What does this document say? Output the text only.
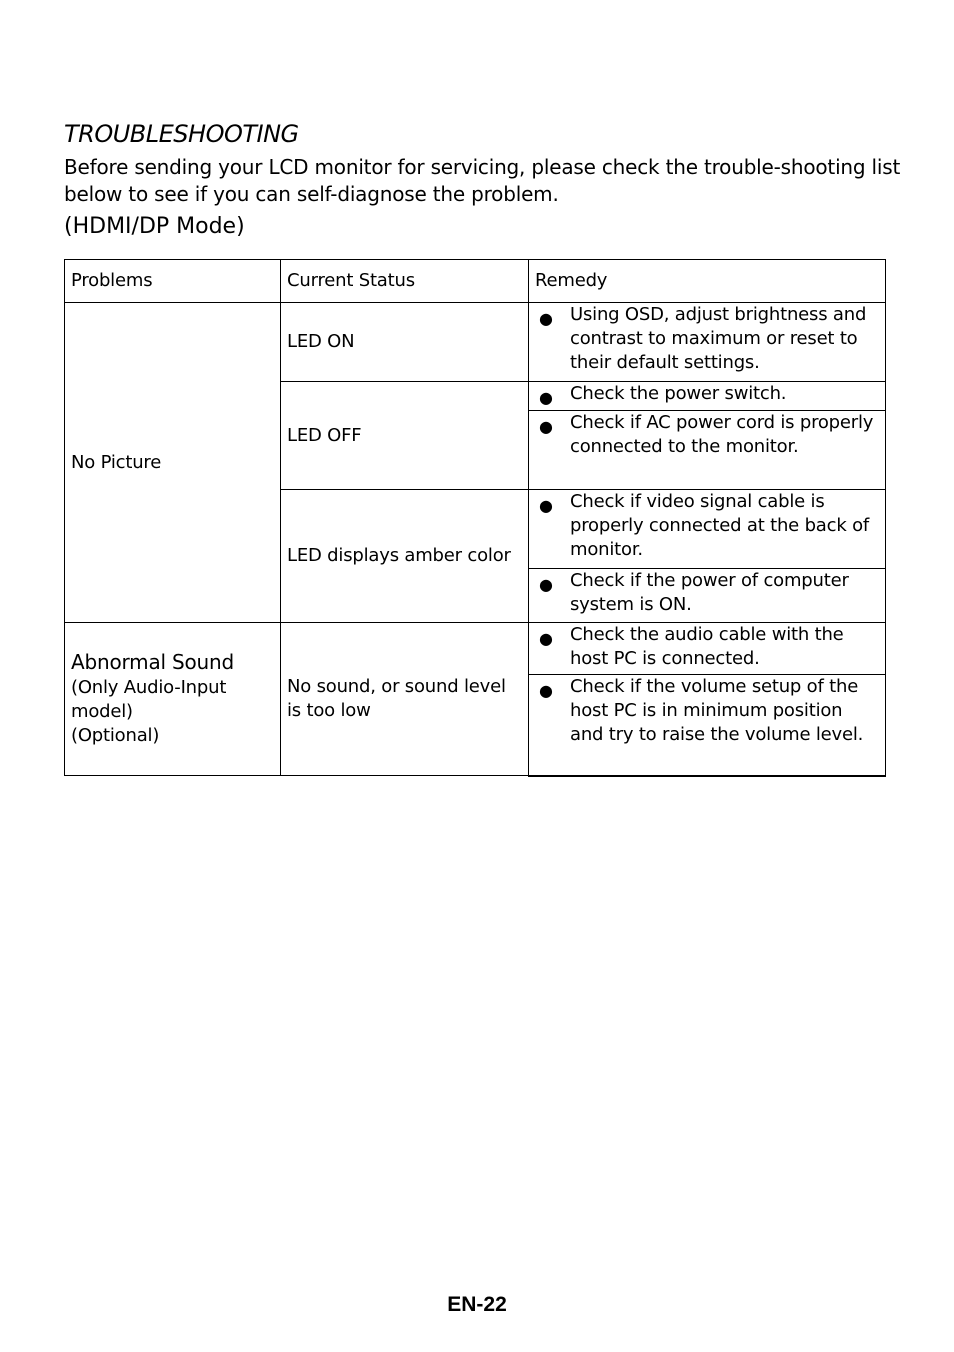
TROUBLESHOOTING

Before sending your LCD monitor for servicing, please check the trouble-shooting list below to see if you can self-diagnose the problem.

(HDMI/DP Mode)

Problems	Current Status	Remedy
No Picture	LED ON	● Using OSD, adjust brightness and contrast to maximum or reset to their default settings.

	LED OFF	● Check the power switch.

		● Check if AC power cord is properly connected to the monitor.

	LED displays amber color	● Check if video signal cable is properly connected at the back of monitor.

		● Check if the power of computer system is ON.

Abnormal Sound
(Only Audio-Input model)
(Optional)	No sound, or sound level is too low	● Check the audio cable with the host PC is connected.

		● Check if the volume setup of the host PC is in minimum position and try to raise the volume level.
EN-22
